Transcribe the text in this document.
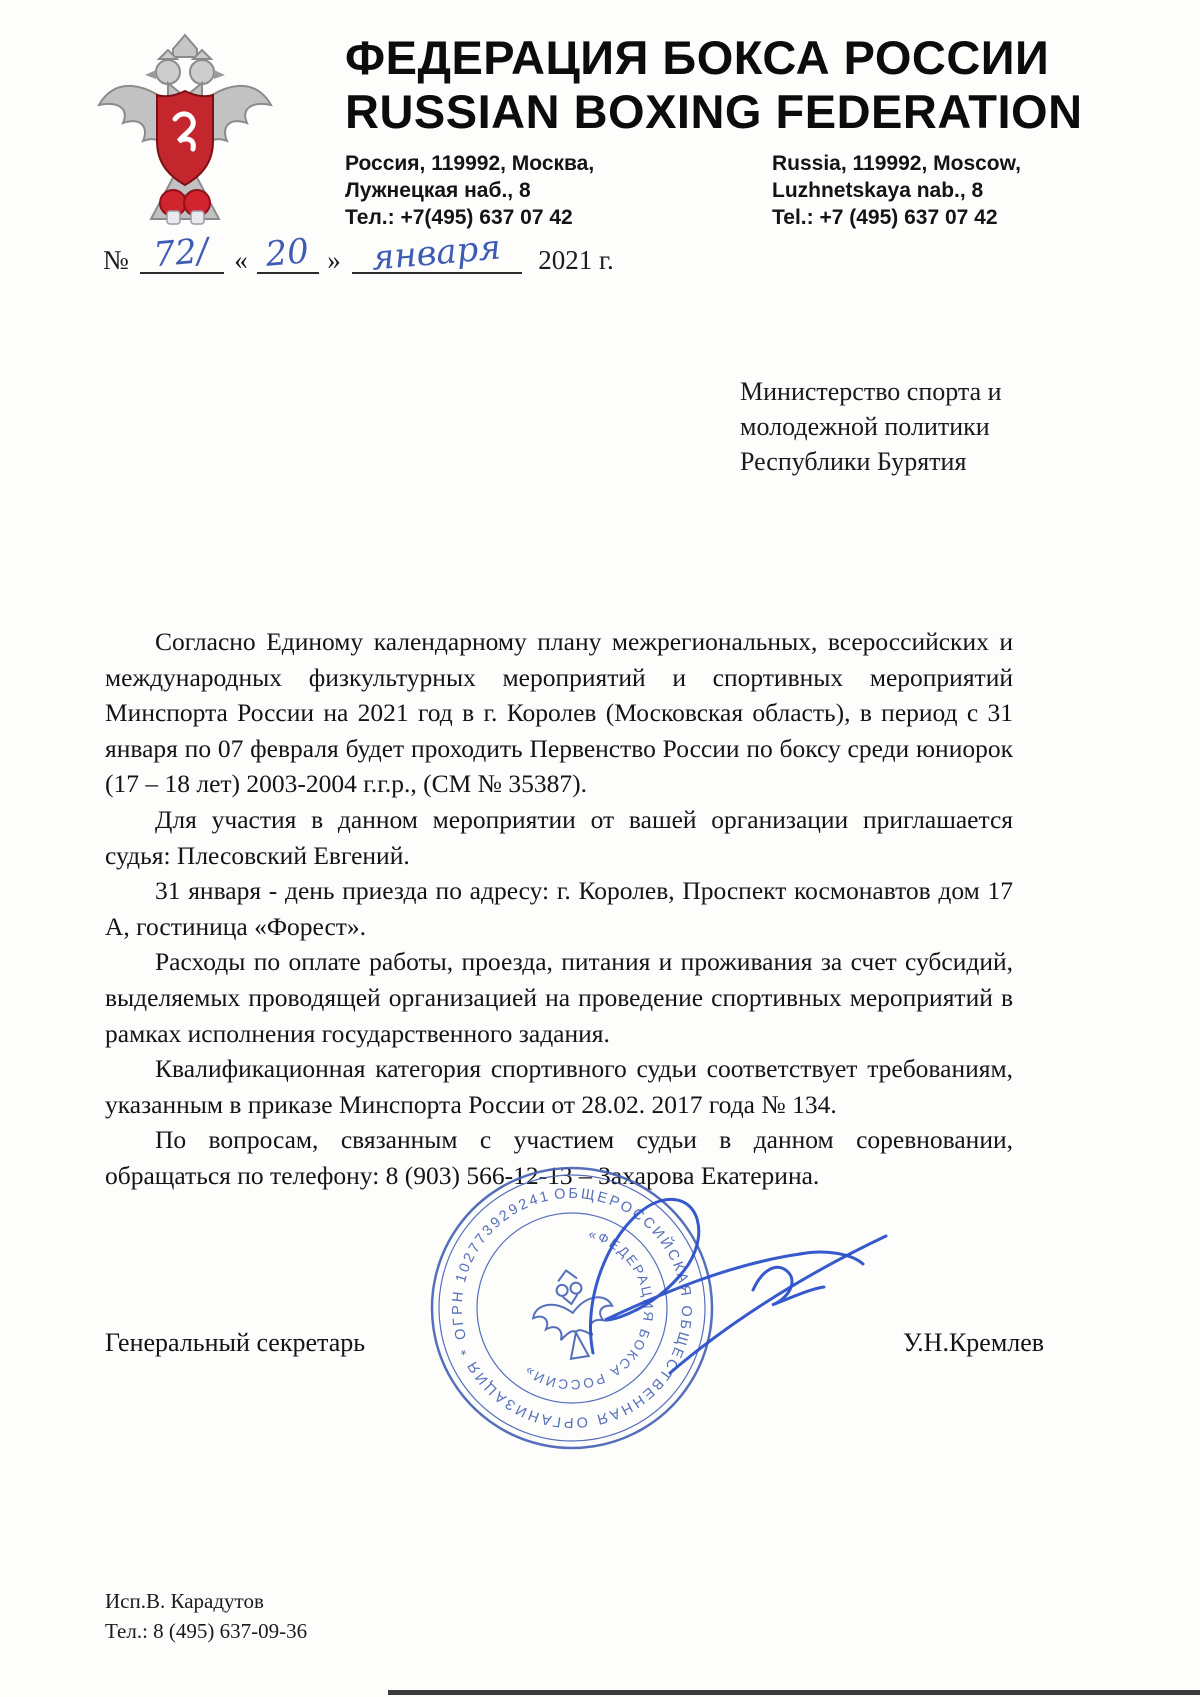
ФЕДЕРАЦИЯ БОКСА РОССИИ
RUSSIAN BOXING FEDERATION
Россия, 119992, Москва,
Лужнецкая наб., 8
Тел.: +7(495) 637 07 42
Russia, 119992, Moscow,
Luzhnetskaya nab., 8
Tel.: +7 (495) 637 07 42
№ 72/ « 20 » января 2021 г.
Министерство спорта и
молодежной политики
Республики Бурятия

Согласно Единому календарному плану межрегиональных, всероссийских и международных физкультурных мероприятий и спортивных мероприятий Минспорта России на 2021 год в г. Королев (Московская область), в период с 31 января по 07 февраля будет проходить Первенство России по боксу среди юниорок (17 – 18 лет) 2003-2004 г.г.р., (СМ № 35387).

Для участия в данном мероприятии от вашей организации приглашается судья: Плесовский Евгений.

31 января - день приезда по адресу: г. Королев, Проспект космонавтов дом 17 А, гостиница «Форест».

Расходы по оплате работы, проезда, питания и проживания за счет субсидий, выделяемых проводящей организацией на проведение спортивных мероприятий в рамках исполнения государственного задания.

Квалификационная категория спортивного судьи соответствует требованиям, указанным в приказе Минспорта России от 28.02. 2017 года № 134.

По вопросам, связанным с участием судьи в данном соревновании, обращаться по телефону: 8 (903) 566-12-13 – Захарова Екатерина.

Генеральный секретарь	У.Н.Кремлев
ОБЩЕРОССИЙСКАЯ ОБЩЕСТВЕННАЯ ОРГАНИЗАЦИЯ * ОГРН 1027739292419 * МОСКВА *
«ФЕДЕРАЦИЯ БОКСА РОССИИ»
Исп.В. Карадутов
Тел.: 8 (495) 637-09-36
